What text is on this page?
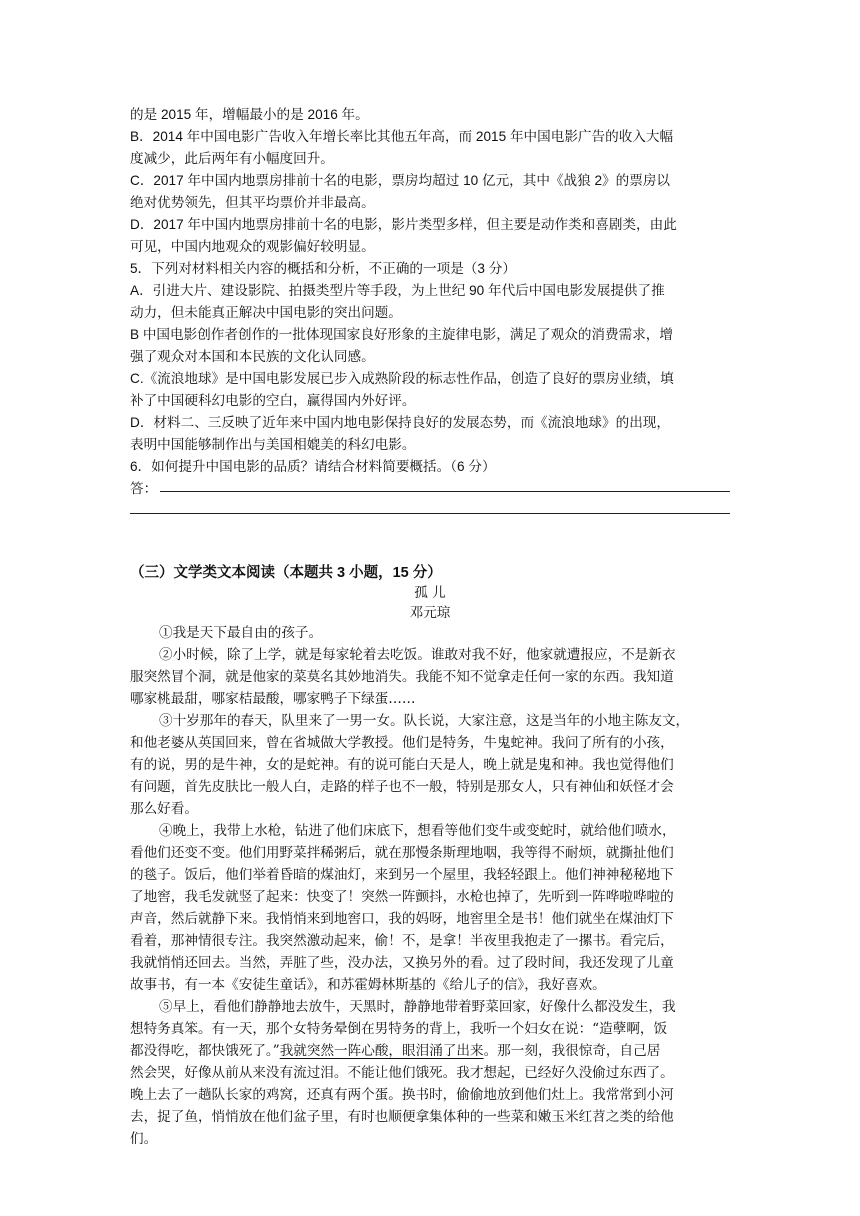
的是 2015 年，增幅最小的是 2016 年。
B．2014 年中国电影广告收入年增长率比其他五年高，而 2015 年中国电影广告的收入大幅
度减少，此后两年有小幅度回升。
C．2017 年中国内地票房排前十名的电影，票房均超过 10 亿元，其中《战狼 2》的票房以
绝对优势领先，但其平均票价并非最高。
D．2017 年中国内地票房排前十名的电影，影片类型多样，但主要是动作类和喜剧类，由此
可见，中国内地观众的观影偏好较明显。
5．下列对材料相关内容的概括和分析，不正确的一项是（3 分）
A．引进大片、建设影院、拍摄类型片等手段，为上世纪 90 年代后中国电影发展提供了推
动力，但未能真正解决中国电影的突出问题。
B 中国电影创作者创作的一批体现国家良好形象的主旋律电影，满足了观众的消费需求，增
强了观众对本国和本民族的文化认同感。
C.《流浪地球》是中国电影发展已步入成熟阶段的标志性作品，创造了良好的票房业绩，填
补了中国硬科幻电影的空白，赢得国内外好评。
D．材料二、三反映了近年来中国内地电影保持良好的发展态势，而《流浪地球》的出现，
表明中国能够制作出与美国相媲美的科幻电影。
6．如何提升中国电影的品质？请结合材料简要概括。（6 分）
答：
（三）文学类文本阅读（本题共 3 小题，15 分）
孤 儿
邓元琼
①我是天下最自由的孩子。
②小时候，除了上学，就是每家轮着去吃饭。谁敢对我不好，他家就遭报应，不是新衣
服突然冒个洞，就是他家的菜莫名其妙地消失。我能不知不觉拿走任何一家的东西。我知道
哪家桃最甜，哪家桔最酸，哪家鸭子下绿蛋……
③十岁那年的春天，队里来了一男一女。队长说，大家注意，这是当年的小地主陈友文，
和他老婆从英国回来，曾在省城做大学教授。他们是特务，牛鬼蛇神。我问了所有的小孩，
有的说，男的是牛神，女的是蛇神。有的说可能白天是人，晚上就是鬼和神。我也觉得他们
有问题，首先皮肤比一般人白，走路的样子也不一般，特别是那女人，只有神仙和妖怪才会
那么好看。
④晚上，我带上水枪，钻进了他们床底下，想看等他们变牛或变蛇时，就给他们喷水，
看他们还变不变。他们用野菜拌稀粥后，就在那慢条斯理地咽，我等得不耐烦，就撕扯他们
的毯子。饭后，他们举着昏暗的煤油灯，来到另一个屋里，我轻轻跟上。他们神神秘秘地下
了地窖，我毛发就竖了起来：快变了！突然一阵颤抖，水枪也掉了，先听到一阵哗啦哗啦的
声音，然后就静下来。我悄悄来到地窖口，我的妈呀，地窖里全是书！他们就坐在煤油灯下
看着，那神情很专注。我突然激动起来，偷！不，是拿！半夜里我抱走了一摞书。看完后，
我就悄悄还回去。当然，弄脏了些，没办法，又换另外的看。过了段时间，我还发现了儿童
故事书，有一本《安徒生童话》，和苏霍姆林斯基的《给儿子的信》，我好喜欢。
⑤早上，看他们静静地去放牛，天黑时，静静地带着野菜回家，好像什么都没发生，我
想特务真笨。有一天，那个女特务晕倒在男特务的背上，我听一个妇女在说：“造孽啊，饭
都没得吃，都快饿死了。”我就突然一阵心酸，眼泪涌了出来。那一刻，我很惊奇，自己居
然会哭，好像从前从来没有流过泪。不能让他们饿死。我才想起，已经好久没偷过东西了。
晚上去了一趟队长家的鸡窝，还真有两个蛋。换书时，偷偷地放到他们灶上。我常常到小河
去，捉了鱼，悄悄放在他们盆子里，有时也顺便拿集体种的一些菜和嫩玉米红苕之类的给他
们。
